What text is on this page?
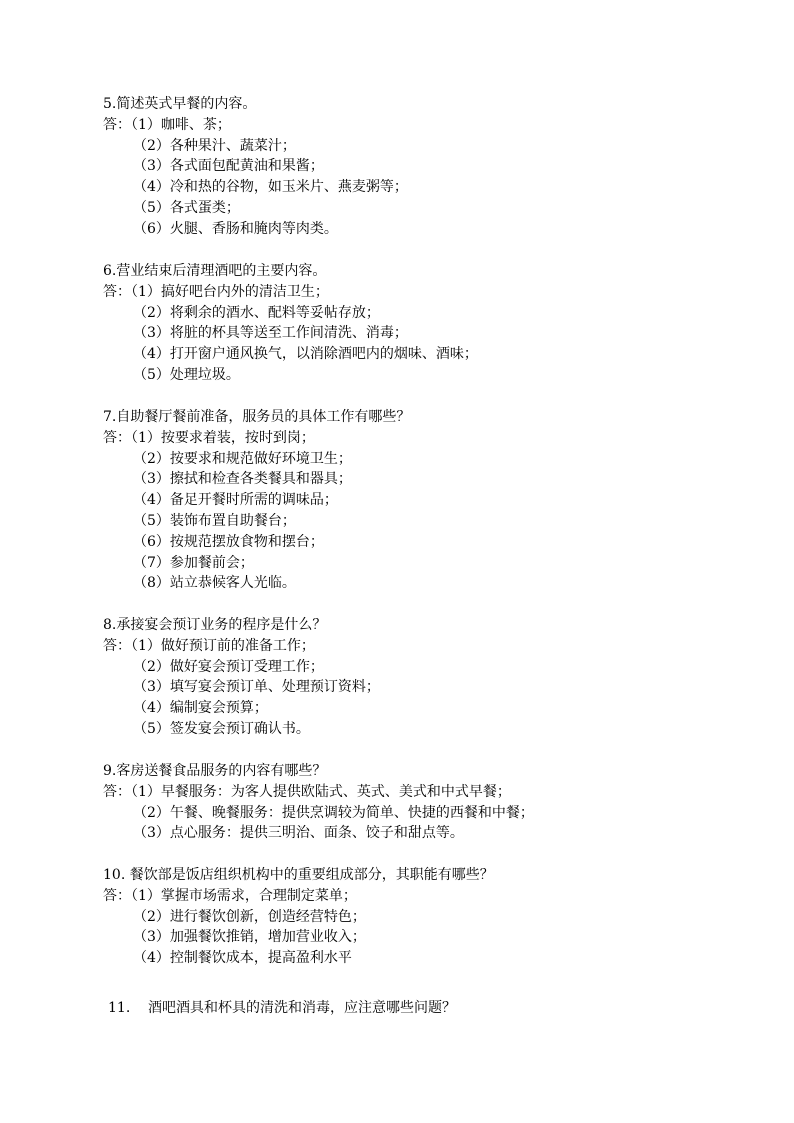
5.简述英式早餐的内容。
答：（1）咖啡、茶；
（2）各种果汁、蔬菜汁；
（3）各式面包配黄油和果酱；
（4）冷和热的谷物，如玉米片、燕麦粥等；
（5）各式蛋类；
（6）火腿、香肠和腌肉等肉类。
6.营业结束后清理酒吧的主要内容。
答：（1）搞好吧台内外的清洁卫生；
（2）将剩余的酒水、配料等妥帖存放；
（3）将脏的杯具等送至工作间清洗、消毒；
（4）打开窗户通风换气，以消除酒吧内的烟味、酒味；
（5）处理垃圾。
7.自助餐厅餐前准备，服务员的具体工作有哪些？
答：（1）按要求着装，按时到岗；
（2）按要求和规范做好环境卫生；
（3）擦拭和检查各类餐具和器具；
（4）备足开餐时所需的调味品；
（5）装饰布置自助餐台；
（6）按规范摆放食物和摆台；
（7）参加餐前会；
（8）站立恭候客人光临。
8.承接宴会预订业务的程序是什么？
答：（1）做好预订前的准备工作；
（2）做好宴会预订受理工作；
（3）填写宴会预订单、处理预订资料；
（4）编制宴会预算；
（5）签发宴会预订确认书。
9.客房送餐食品服务的内容有哪些？
答：（1）早餐服务：为客人提供欧陆式、英式、美式和中式早餐；
（2）午餐、晚餐服务：提供烹调较为简单、快捷的西餐和中餐；
（3）点心服务：提供三明治、面条、饺子和甜点等。
10. 餐饮部是饭店组织机构中的重要组成部分，其职能有哪些？
答：（1）掌握市场需求，合理制定菜单；
（2）进行餐饮创新，创造经营特色；
（3）加强餐饮推销，增加营业收入；
（4）控制餐饮成本，提高盈利水平
11. 酒吧酒具和杯具的清洗和消毒，应注意哪些问题？
